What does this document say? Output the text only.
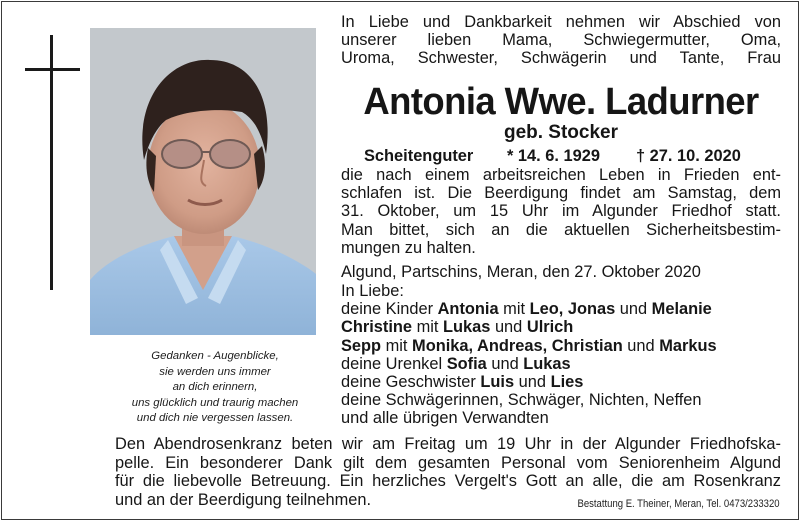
Gedanken - Augenblicke,
sie werden uns immer
an dich erinnern,
uns glücklich und traurig machen
und dich nie vergessen lassen.
In Liebe und Dankbarkeit nehmen wir Abschied von
unserer lieben Mama, Schwiegermutter, Oma,
Uroma, Schwester, Schwägerin und Tante, Frau
Antonia Wwe. Ladurner
geb. Stocker
Scheitenguter * 14. 6. 1929 † 27. 10. 2020
die nach einem arbeitsreichen Leben in Frieden ent-
schlafen ist. Die Beerdigung findet am Samstag, dem
31. Oktober, um 15 Uhr im Algunder Friedhof statt.
Man bittet, sich an die aktuellen Sicherheitsbestim-
mungen zu halten.
Algund, Partschins, Meran, den 27. Oktober 2020
In Liebe:
deine Kinder Antonia mit Leo, Jonas und Melanie
Christine mit Lukas und Ulrich
Sepp mit Monika, Andreas, Christian und Markus
deine Urenkel Sofia und Lukas
deine Geschwister Luis und Lies
deine Schwägerinnen, Schwäger, Nichten, Neffen
und alle übrigen Verwandten
Den Abendrosenkranz beten wir am Freitag um 19 Uhr in der Algunder Friedhofska-
pelle. Ein besonderer Dank gilt dem gesamten Personal vom Seniorenheim Algund
für die liebevolle Betreuung. Ein herzliches Vergelt's Gott an alle, die am Rosenkranz
und an der Beerdigung teilnehmen.	Bestattung E. Theiner, Meran, Tel. 0473/233320
